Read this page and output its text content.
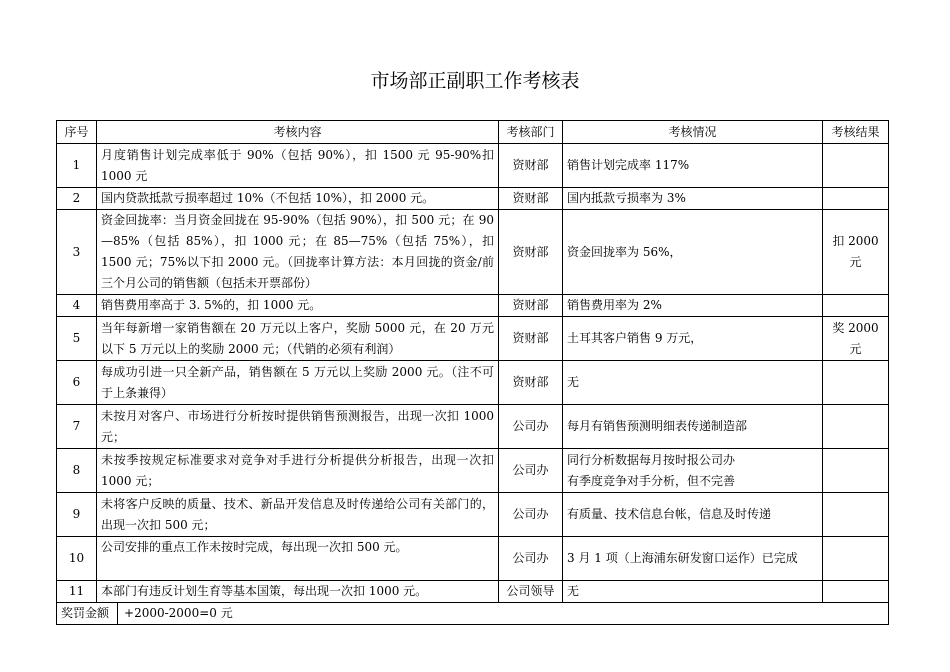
市场部正副职工作考核表
序号	考核内容	考核部门	考核情况	考核结果
1	月度销售计划完成率低于 90%（包括 90%），扣 1500 元 95-90%扣 1000 元	资财部	销售计划完成率 117%	
2	国内贷款抵款亏损率超过 10%（不包括 10%），扣 2000 元。	资财部	国内抵款亏损率为 3%	
3	资金回拢率：当月资金回拢在 95-90%（包括 90%），扣 500 元；在 90—85%（包括 85%），扣 1000 元；在 85—75%（包括 75%），扣 1500 元；75%以下扣 2000 元。（回拢率计算方法：本月回拢的资金/前三个月公司的销售额（包括未开票部份）	资财部	资金回拢率为 56%，	扣 2000 元
4	销售费用率高于 3. 5%的，扣 1000 元。	资财部	销售费用率为 2%	
5	当年每新增一家销售额在 20 万元以上客户，奖励 5000 元，在 20 万元以下 5 万元以上的奖励 2000 元；（代销的必须有利润）	资财部	土耳其客户销售 9 万元，	奖 2000 元
6	每成功引进一只全新产品，销售额在 5 万元以上奖励 2000 元。（注不可于上条兼得）	资财部	无	
7	未按月对客户、市场进行分析按时提供销售预测报告，出现一次扣 1000 元；	公司办	每月有销售预测明细表传递制造部	
8	未按季按规定标准要求对竞争对手进行分析提供分析报告，出现一次扣 1000 元；	公司办	同行分析数据每月按时报公司办
有季度竞争对手分析，但不完善	

9	未将客户反映的质量、技术、新品开发信息及时传递给公司有关部门的，出现一次扣 500 元；	公司办	有质量、技术信息台帐，信息及时传递	
10	公司安排的重点工作未按时完成，每出现一次扣 500 元。	公司办	3 月 1 项（上海浦东研发窗口运作）已完成	
11	本部门有违反计划生育等基本国策，每出现一次扣 1000 元。	公司领导	无	
奖罚金额 +2000-2000=0 元				
